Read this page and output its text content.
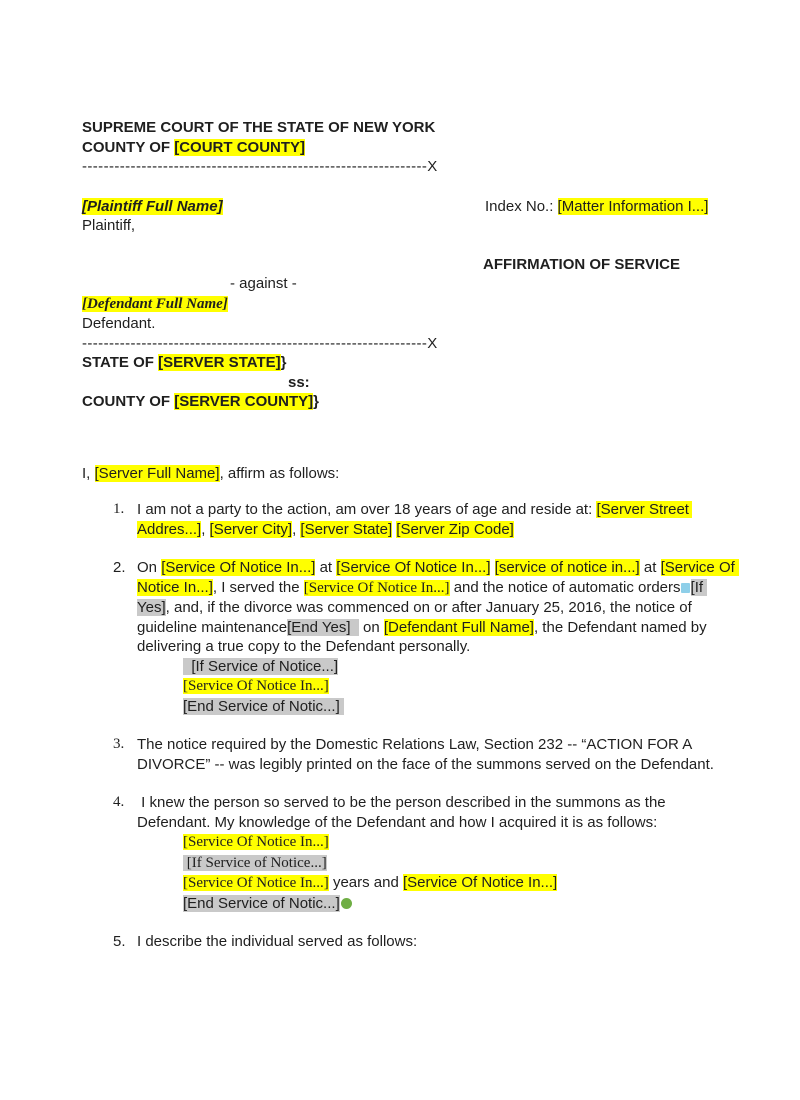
SUPREME COURT OF THE STATE OF NEW YORK
COUNTY OF [COURT COUNTY]
----------------------------------------------------------------X
[Plaintiff Full Name]
Plaintiff,
Index No.: [Matter Information I...]
AFFIRMATION OF SERVICE
- against -
[Defendant Full Name]
Defendant.
----------------------------------------------------------------X
STATE OF [SERVER STATE]}
ss:
COUNTY OF [SERVER COUNTY]}
I, [Server Full Name], affirm as follows:
1. I am not a party to the action, am over 18 years of age and reside at: [Server Street Addres...], [Server City], [Server State] [Server Zip Code]
2. On [Service Of Notice In...] at [Service Of Notice In...] [service of notice in...] at [Service Of Notice In...], I served the [Service Of Notice In...] and the notice of automatic orders [If Yes], and, if the divorce was commenced on or after January 25, 2016, the notice of guideline maintenance[End Yes]   on [Defendant Full Name], the Defendant named by delivering a true copy to the Defendant personally.
[If Service of Notice...]
[Service Of Notice In...]
[End Service of Notic...]
3. The notice required by the Domestic Relations Law, Section 232 -- “ACTION FOR A DIVORCE” -- was legibly printed on the face of the summons served on the Defendant.
4. I knew the person so served to be the person described in the summons as the Defendant. My knowledge of the Defendant and how I acquired it is as follows:
[Service Of Notice In...]
[If Service of Notice...]
[Service Of Notice In...] years and [Service Of Notice In...]
[End Service of Notic...]
5. I describe the individual served as follows:
